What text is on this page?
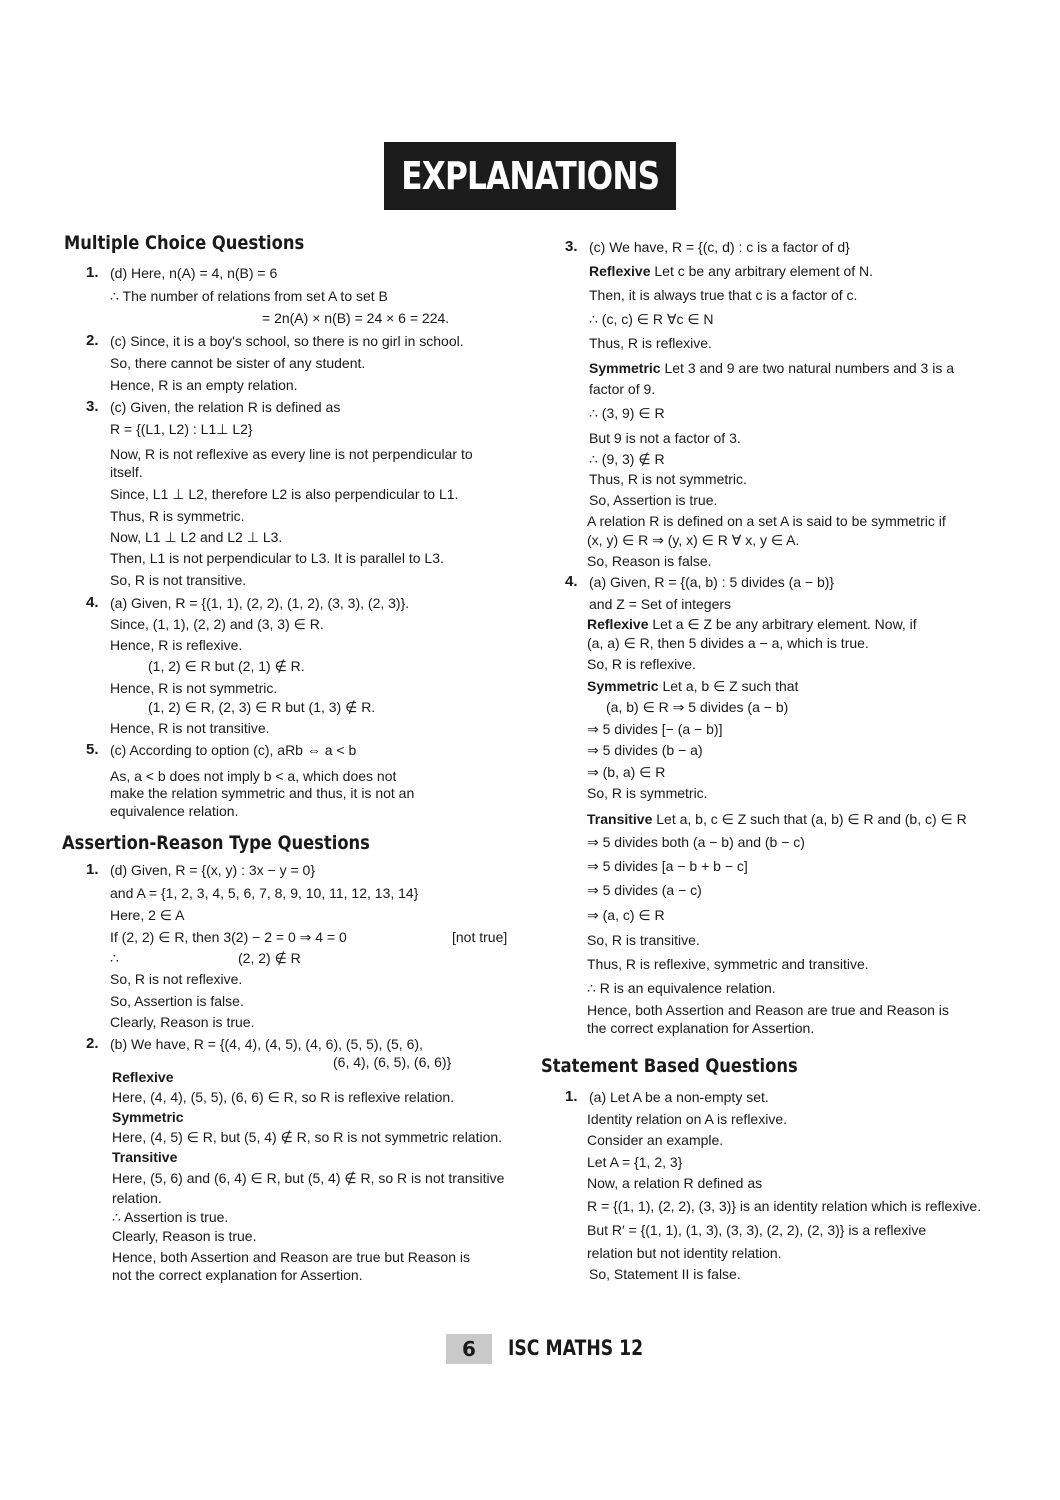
EXPLANATIONS
Multiple Choice Questions
Assertion-Reason Type Questions
Statement Based Questions
1. (d) Here, n(A) = 4, n(B) = 6
∴ The number of relations from set A to set B
= 2n(A) × n(B) = 24 × 6 = 224.
2. (c) Since, it is a boy's school, so there is no girl in school.
So, there cannot be sister of any student.
Hence, R is an empty relation.
3. (c) Given, the relation R is defined as
R = {(L1, L2) : L1⊥ L2}
Now, R is not reflexive as every line is not perpendicular to
itself.
Since, L1 ⊥ L2, therefore L2 is also perpendicular to L1.
Thus, R is symmetric.
Now, L1 ⊥ L2 and L2 ⊥ L3.
Then, L1 is not perpendicular to L3. It is parallel to L3.
So, R is not transitive.
4. (a) Given, R = {(1, 1), (2, 2), (1, 2), (3, 3), (2, 3)}.
Since, (1, 1), (2, 2) and (3, 3) ∈ R.
Hence, R is reflexive.
(1, 2) ∈ R but (2, 1) ∉ R.
Hence, R is not symmetric.
(1, 2) ∈ R, (2, 3) ∈ R but (1, 3) ∉ R.
Hence, R is not transitive.
5. (c) According to option (c), aRb ⇔ a < b
As, a < b does not imply b < a, which does not
make the relation symmetric and thus, it is not an
equivalence relation.
1. (d) Given, R = {(x, y) : 3x − y = 0}
and A = {1, 2, 3, 4, 5, 6, 7, 8, 9, 10, 11, 12, 13, 14}
Here, 2 ∈ A
If (2, 2) ∈ R, then 3(2) − 2 = 0 ⇒ 4 = 0	[not true]
∴	(2, 2) ∉ R
So, R is not reflexive.
So, Assertion is false.
Clearly, Reason is true.
2. (b) We have, R = {(4, 4), (4, 5), (4, 6), (5, 5), (5, 6),
(6, 4), (6, 5), (6, 6)}
Reflexive
Here, (4, 4), (5, 5), (6, 6) ∈ R, so R is reflexive relation.
Symmetric
Here, (4, 5) ∈ R, but (5, 4) ∉ R, so R is not symmetric relation.
Transitive
Here, (5, 6) and (6, 4) ∈ R, but (5, 4) ∉ R, so R is not transitive
relation.
∴ Assertion is true.
Clearly, Reason is true.
Hence, both Assertion and Reason are true but Reason is
not the correct explanation for Assertion.
3. (c) We have, R = {(c, d) : c is a factor of d}
Reflexive Let c be any arbitrary element of N.
Then, it is always true that c is a factor of c.
∴ (c, c) ∈ R ∀c ∈ N
Thus, R is reflexive.
Symmetric Let 3 and 9 are two natural numbers and 3 is a
factor of 9.
∴ (3, 9) ∈ R
But 9 is not a factor of 3.
∴ (9, 3) ∉ R
Thus, R is not symmetric.
So, Assertion is true.
A relation R is defined on a set A is said to be symmetric if
(x, y) ∈ R ⇒ (y, x) ∈ R ∀ x, y ∈ A.
So, Reason is false.
4. (a) Given, R = {(a, b) : 5 divides (a − b)}
and Z = Set of integers
Reflexive Let a ∈ Z be any arbitrary element. Now, if
(a, a) ∈ R, then 5 divides a − a, which is true.
So, R is reflexive.
Symmetric Let a, b ∈ Z such that
(a, b) ∈ R ⇒ 5 divides (a − b)
⇒ 5 divides [− (a − b)]
⇒ 5 divides (b − a)
⇒ (b, a) ∈ R
So, R is symmetric.
Transitive Let a, b, c ∈ Z such that (a, b) ∈ R and (b, c) ∈ R
⇒ 5 divides both (a − b) and (b − c)
⇒ 5 divides [a − b + b − c]
⇒ 5 divides (a − c)
⇒ (a, c) ∈ R
So, R is transitive.
Thus, R is reflexive, symmetric and transitive.
∴ R is an equivalence relation.
Hence, both Assertion and Reason are true and Reason is
the correct explanation for Assertion.
1. (a) Let A be a non-empty set.
Identity relation on A is reflexive.
Consider an example.
Let A = {1, 2, 3}
Now, a relation R defined as
R = {(1, 1), (2, 2), (3, 3)} is an identity relation which is reflexive.
But R′ = {(1, 1), (1, 3), (3, 3), (2, 2), (2, 3)} is a reflexive
relation but not identity relation.
So, Statement II is false.
6	ISC MATHS 12
